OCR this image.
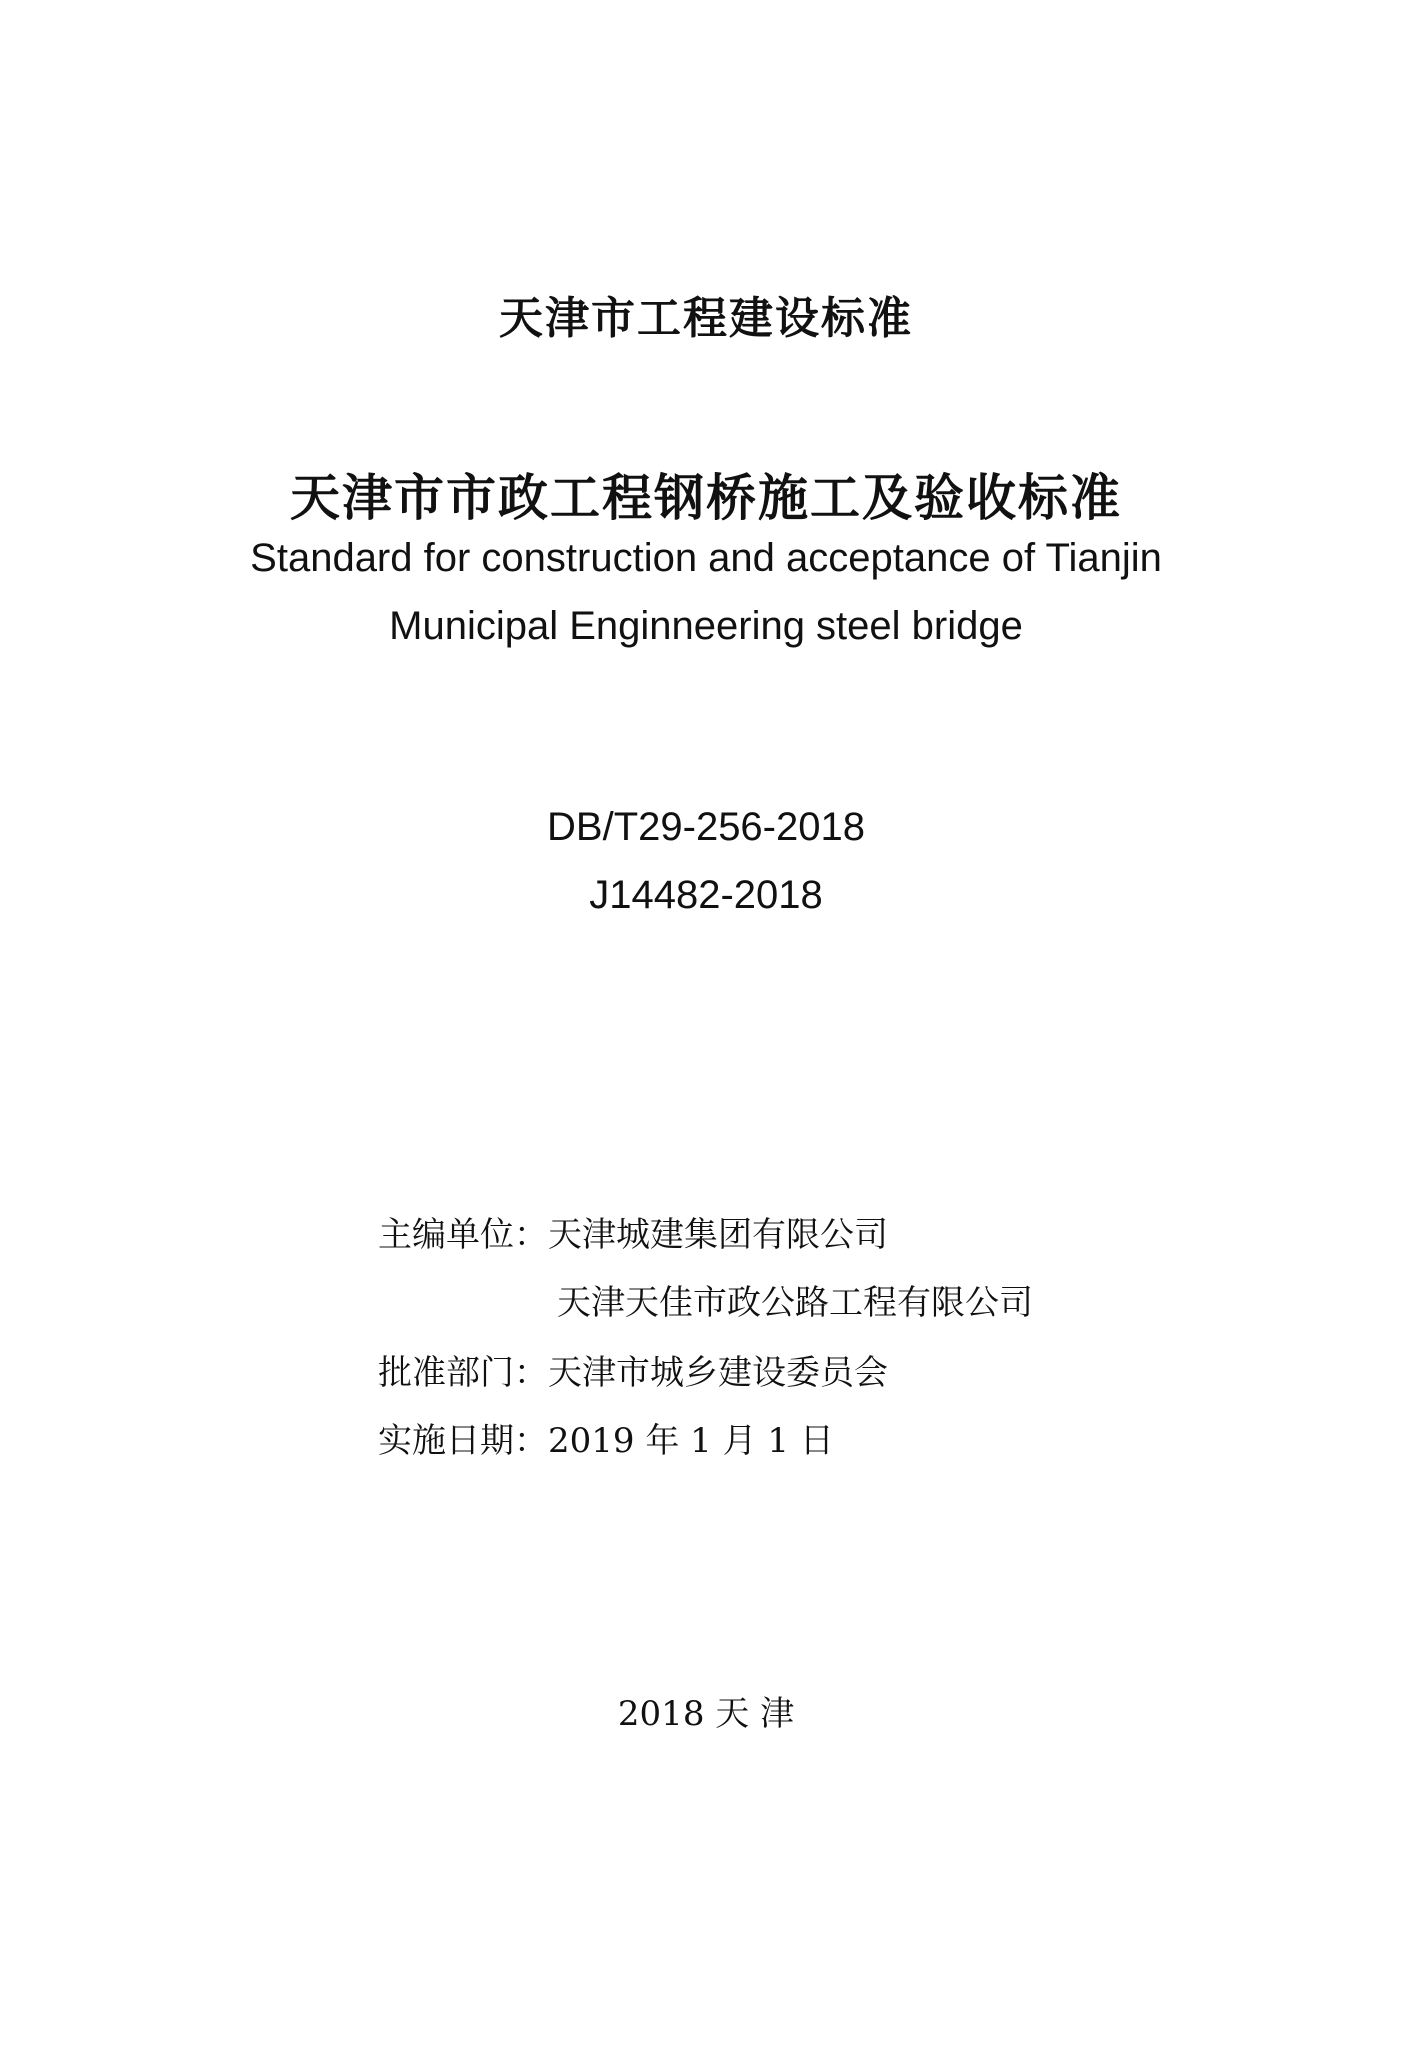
天津市工程建设标准
天津市市政工程钢桥施工及验收标准
Standard for construction and acceptance of Tianjin
Municipal Enginneering steel bridge
DB/T29-256-2018
J14482-2018
主编单位：天津城建集团有限公司
天津天佳市政公路工程有限公司
批准部门：天津市城乡建设委员会
实施日期：2019 年 1 月 1 日
2018 天 津
